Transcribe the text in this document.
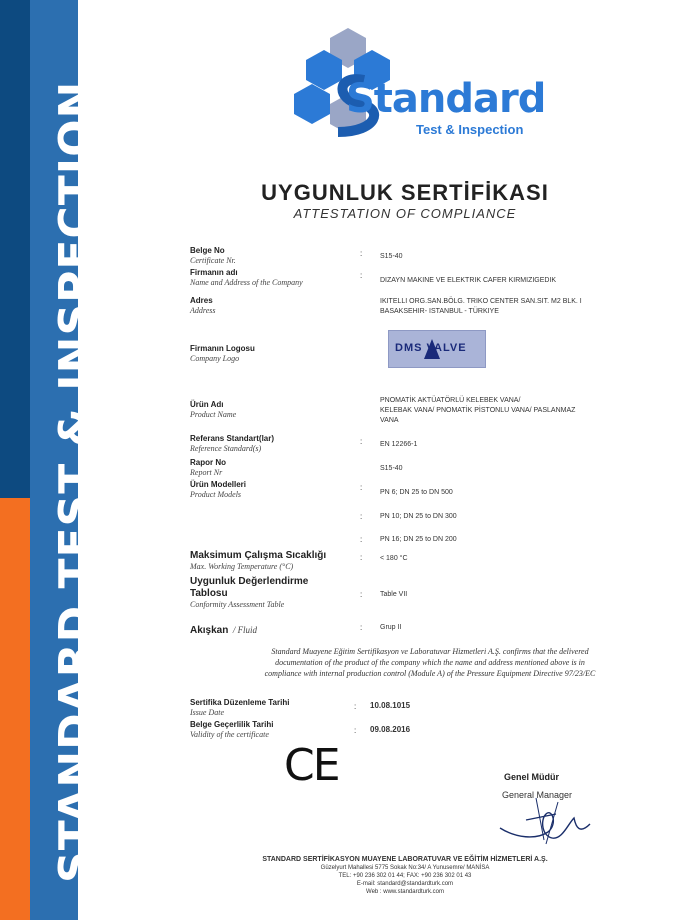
STANDARD TEST & INSPECTION	Standard
Test & Inspection
UYGUNLUK SERTİFİKASI
ATTESTATION OF COMPLIANCE
Belge No
Certificate Nr.
:	S15-40
Firmanın adı
Name and Address of the Company
:
DIZAYN MAKINE VE ELEKTRIK CAFER KIRMIZIGEDIK
Adres
Address
IKITELLI ORG.SAN.BÖLG. TRIKO CENTER SAN.SIT. M2 BLK. I
BASAKSEHIR- ISTANBUL - TÜRKIYE
Firmanın Logosu
Company Logo
DMS VALVE
Ürün Adı
Product Name
PNOMATİK AKTÜATÖRLÜ KELEBEK VANA/
KELEBAK VANA/ PNOMATİK PİSTONLU VANA/ PASLANMAZ
VANA
Referans Standart(lar)
Reference Standard(s)
:	EN 12266-1
Rapor No
Report Nr	S15-40
Ürün Modelleri
Product Models
:
PN 6; DN 25 to DN 500
:	PN 10; DN 25 to DN 300
:	PN 16; DN 25 to DN 200
Maksimum Çalışma Sıcaklığı
Max. Working Temperature (°C)
:	< 180 °C
Uygunluk Değerlendirme
Tablosu
Conformity Assessment Table
:	Table VII
Akışkan / Fluid	:	Grup II
Standard Muayene Eğitim Sertifikasyon ve Laboratuvar Hizmetleri A.Ş. confirms that the delivered
documentation of the product of the company which the name and address mentioned above is in
compliance with internal production control (Module A) of the Pressure Equipment Directive 97/23/EC
Sertifika Düzenleme Tarihi
Issue Date
: 10.08.1015
Belge Geçerlilik Tarihi
Validity of the certificate	: 09.08.2016
CE	Genel Müdür
General Manager
STANDARD SERTİFİKASYON MUAYENE LABORATUVAR VE EĞİTİM HİZMETLERİ A.Ş.
Güzelyurt Mahallesi 5775 Sokak No:34/ A Yunusemre/ MANİSA
TEL: +90 236 302 01 44; FAX: +90 236 302 01 43
E-mail: standard@standardturk.com
Web : www.standardturk.com
